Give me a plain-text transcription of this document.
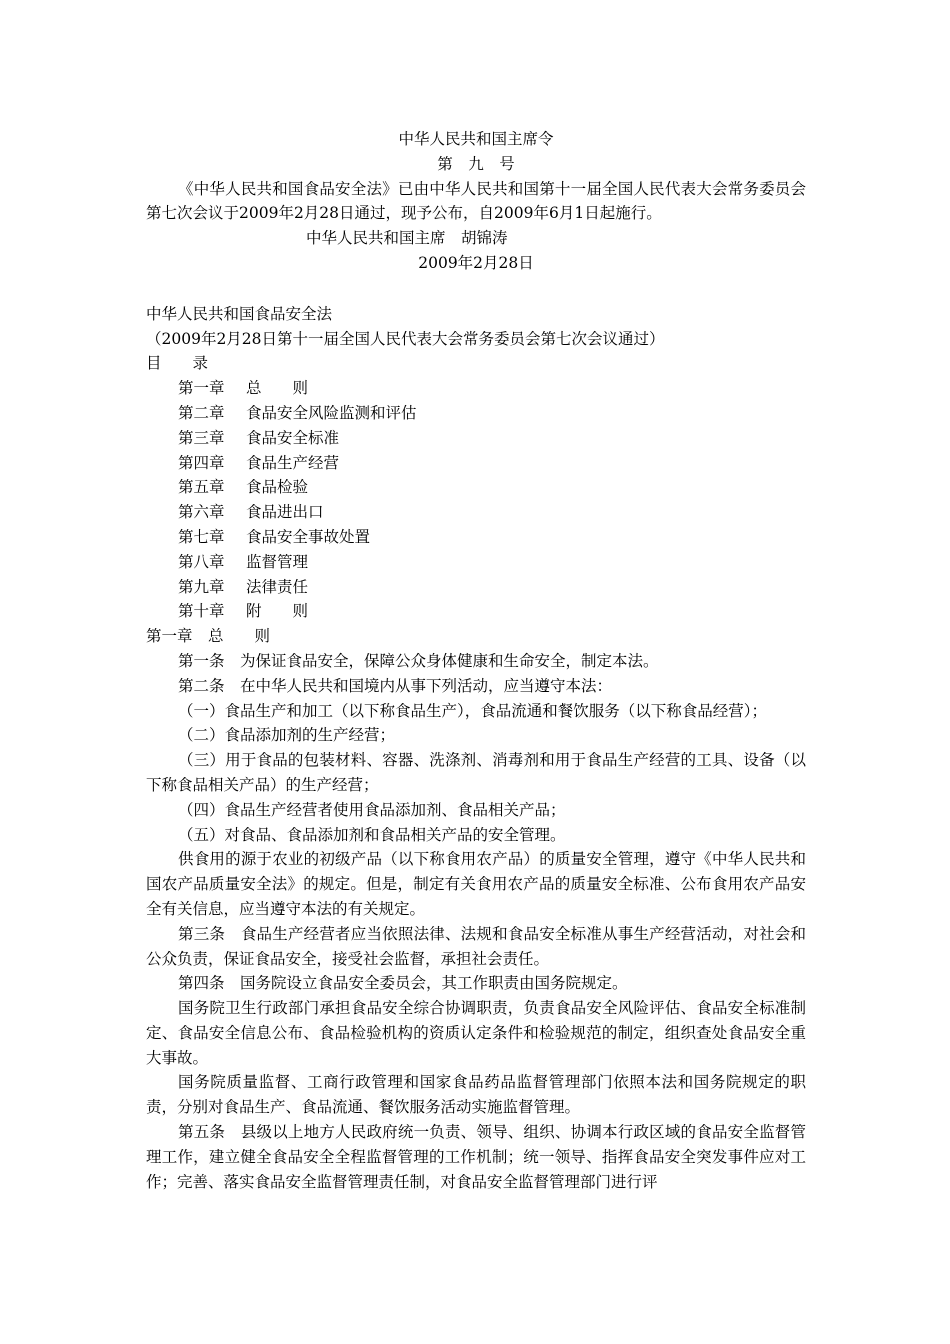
中华人民共和国主席令
第　九　号
《中华人民共和国食品安全法》已由中华人民共和国第十一届全国人民代表大会常务委员会第七次会议于2009年2月28日通过，现予公布，自2009年6月1日起施行。
中华人民共和国主席　胡锦涛
2009年2月28日
中华人民共和国食品安全法
（2009年2月28日第十一届全国人民代表大会常务委员会第七次会议通过）
目　　录
第一章	总　　则
第二章	食品安全风险监测和评估
第三章	食品安全标准
第四章	食品生产经营
第五章	食品检验
第六章	食品进出口
第七章	食品安全事故处置
第八章	监督管理
第九章	法律责任
第十章	附　　则
第一章　总　　则
第一条　为保证食品安全，保障公众身体健康和生命安全，制定本法。
第二条　在中华人民共和国境内从事下列活动，应当遵守本法：
（一）食品生产和加工（以下称食品生产），食品流通和餐饮服务（以下称食品经营）；
（二）食品添加剂的生产经营；
（三）用于食品的包装材料、容器、洗涤剂、消毒剂和用于食品生产经营的工具、设备（以下称食品相关产品）的生产经营；
（四）食品生产经营者使用食品添加剂、食品相关产品；
（五）对食品、食品添加剂和食品相关产品的安全管理。
供食用的源于农业的初级产品（以下称食用农产品）的质量安全管理，遵守《中华人民共和国农产品质量安全法》的规定。但是，制定有关食用农产品的质量安全标准、公布食用农产品安全有关信息，应当遵守本法的有关规定。
第三条　食品生产经营者应当依照法律、法规和食品安全标准从事生产经营活动，对社会和公众负责，保证食品安全，接受社会监督，承担社会责任。
第四条　国务院设立食品安全委员会，其工作职责由国务院规定。
国务院卫生行政部门承担食品安全综合协调职责，负责食品安全风险评估、食品安全标准制定、食品安全信息公布、食品检验机构的资质认定条件和检验规范的制定，组织查处食品安全重大事故。
国务院质量监督、工商行政管理和国家食品药品监督管理部门依照本法和国务院规定的职责，分别对食品生产、食品流通、餐饮服务活动实施监督管理。
第五条　县级以上地方人民政府统一负责、领导、组织、协调本行政区域的食品安全监督管理工作，建立健全食品安全全程监督管理的工作机制；统一领导、指挥食品安全突发事件应对工作；完善、落实食品安全监督管理责任制，对食品安全监督管理部门进行评
